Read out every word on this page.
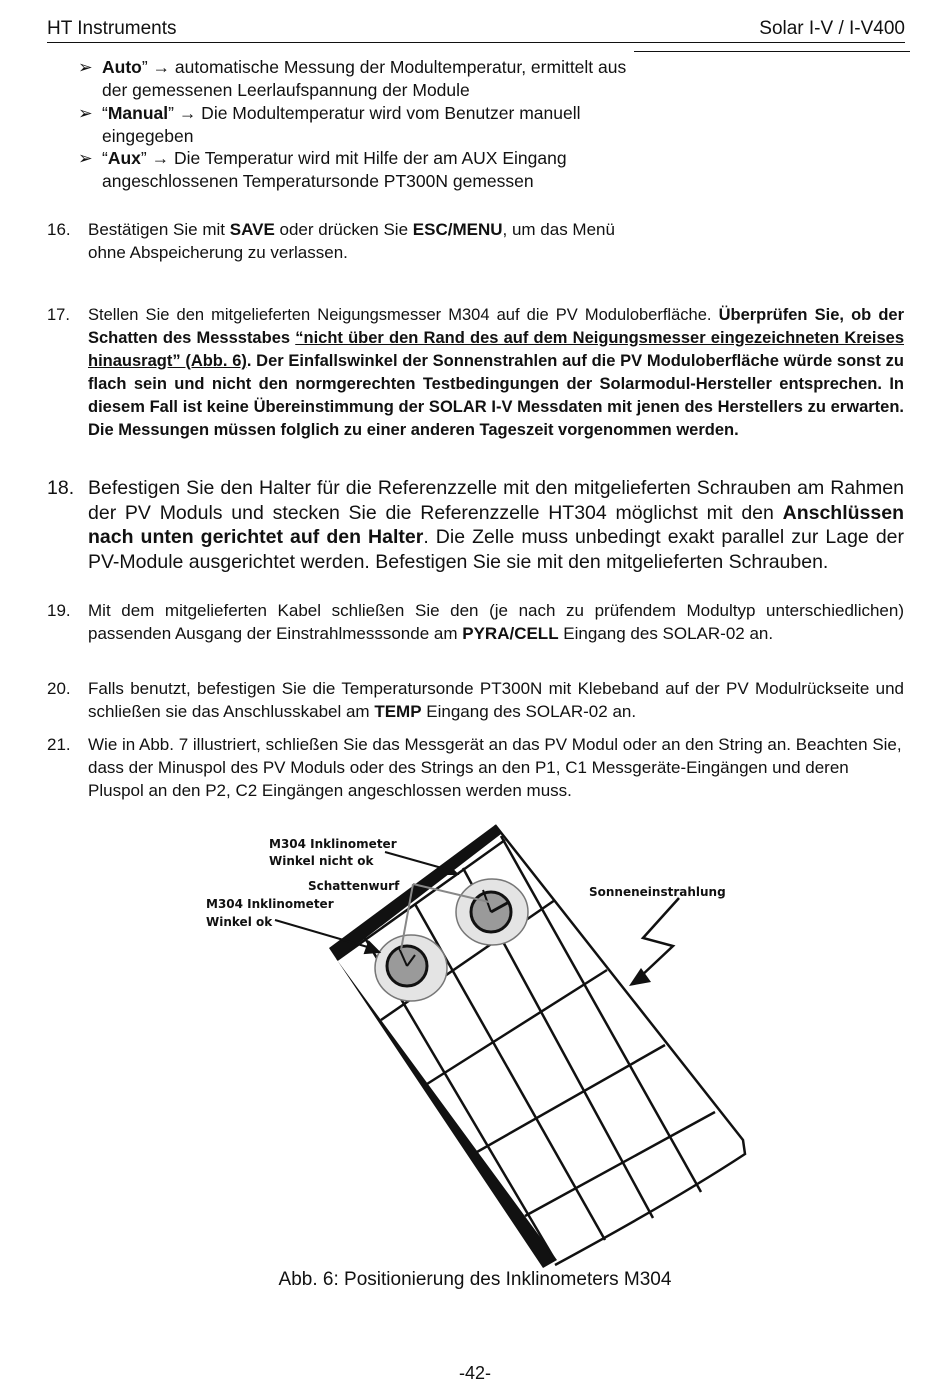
HT Instruments	Solar I-V / I-V400
➢ Auto” → automatische Messung der Modultemperatur, ermittelt aus der gemessenen Leerlaufspannung der Module
➢ “Manual” → Die Modultemperatur wird vom Benutzer manuell eingegeben
➢ “Aux” → Die Temperatur wird mit Hilfe der am AUX Eingang angeschlossenen Temperatursonde PT300N gemessen
16. Bestätigen Sie mit SAVE oder drücken Sie ESC/MENU, um das Menü ohne Abspeicherung zu verlassen.
17. Stellen Sie den mitgelieferten Neigungsmesser M304 auf die PV Moduloberfläche. Überprüfen Sie, ob der Schatten des Messstabes “nicht über den Rand des auf dem Neigungsmesser eingezeichneten Kreises hinausragt” (Abb. 6). Der Einfallswinkel der Sonnenstrahlen auf die PV Moduloberfläche würde sonst zu flach sein und nicht den normgerechten Testbedingungen der Solarmodul-Hersteller entsprechen. In diesem Fall ist keine Übereinstimmung der SOLAR I-V Messdaten mit jenen des Herstellers zu erwarten. Die Messungen müssen folglich zu einer anderen Tageszeit vorgenommen werden.
18. Befestigen Sie den Halter für die Referenzzelle mit den mitgelieferten Schrauben am Rahmen der PV Moduls und stecken Sie die Referenzzelle HT304 möglichst mit den Anschlüssen nach unten gerichtet auf den Halter. Die Zelle muss unbedingt exakt parallel zur Lage der PV-Module ausgerichtet werden. Befestigen Sie sie mit den mitgelieferten Schrauben.
19. Mit dem mitgelieferten Kabel schließen Sie den (je nach zu prüfendem Modultyp unterschiedlichen) passenden Ausgang der Einstrahlmesssonde am PYRA/CELL Eingang des SOLAR-02 an.
20. Falls benutzt, befestigen Sie die Temperatursonde PT300N mit Klebeband auf der PV Modulrückseite und schließen sie das Anschlusskabel am TEMP Eingang des SOLAR-02 an.
21. Wie in Abb. 7 illustriert, schließen Sie das Messgerät an das PV Modul oder an den String an. Beachten Sie, dass der Minuspol des PV Moduls oder des Strings an den P1, C1 Messgeräte-Eingängen und deren Pluspol an den P2, C2 Eingängen angeschlossen werden muss.
M304 Inklinometer
Winkel nicht ok
Schattenwurf
M304 Inklinometer
Winkel ok
Sonneneinstrahlung
Abb. 6: Positionierung des Inklinometers M304
-42-
